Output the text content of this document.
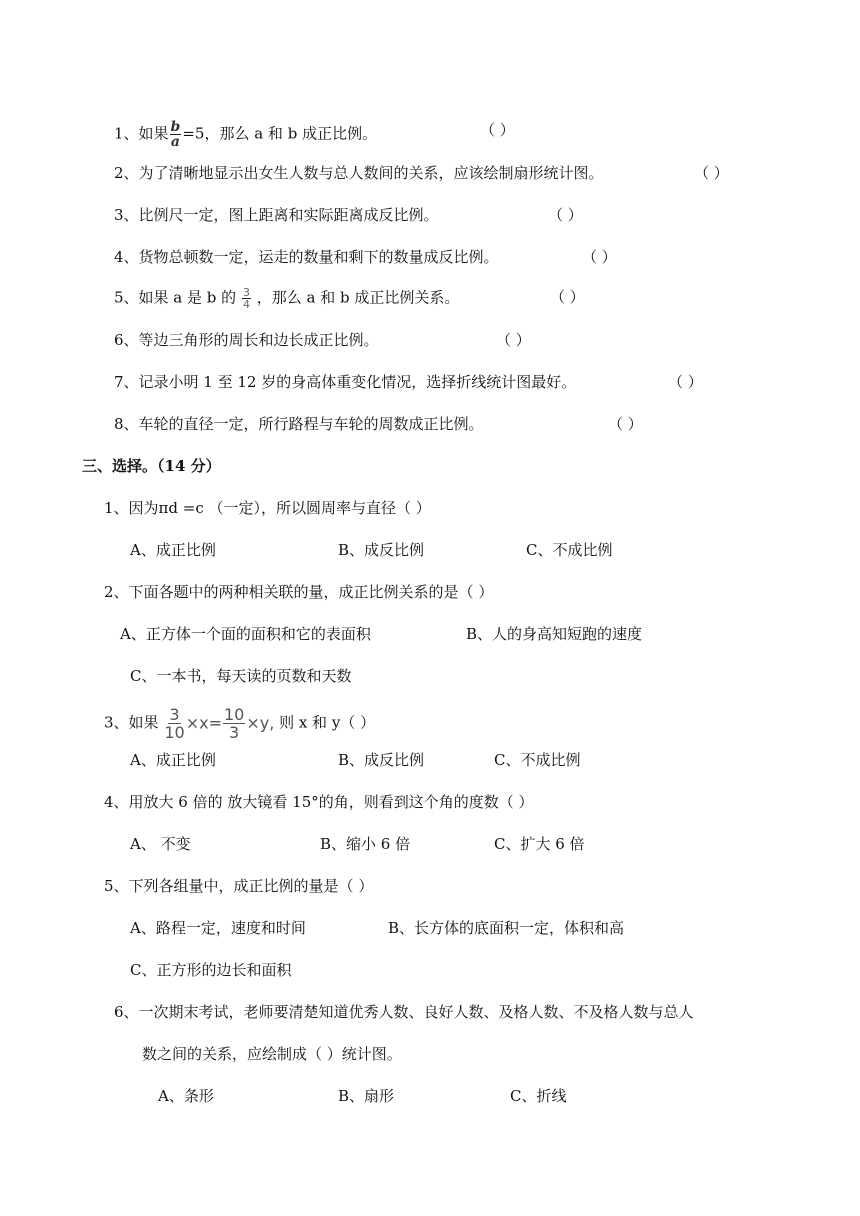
1、如果 $\frac{b}{a} =5$，那么 a 和 b 成正比例。	（ ）
2、为了清晰地显示出女生人数与总人数间的关系，应该绘制扇形统计图。	（ ）
3、比例尺一定，图上距离和实际距离成反比例。	（ ）
4、货物总顿数一定，运走的数量和剩下的数量成反比例。	（ ）
5、如果 a 是 b 的 $\frac{3}{4}$ ，那么 a 和 b 成正比例关系。	（ ）
6、等边三角形的周长和边长成正比例。	（ ）
7、记录小明 1 至 12 岁的身高体重变化情况，选择折线统计图最好。	（ ）
8、车轮的直径一定，所行路程与车轮的周数成正比例。	（ ）
三、选择。（14 分）
1、因为πd =c （一定），所以圆周率与直径（ ）
A、成正比例	B、成反比例	C、不成比例
2、下面各题中的两种相关联的量，成正比例关系的是（ ）
A、正方体一个面的面积和它的表面积	B、人的身高知短跑的速度
C、一本书，每天读的页数和天数
3、如果 $\frac{3}{10} \times x= \frac{10}{3} \times y$, 则 x 和 y（ ）
A、成正比例	B、成反比例	C、不成比例
4、用放大 6 倍的 放大镜看 15°的角，则看到这个角的度数（ ）
A、 不变	B、缩小 6 倍	C、扩大 6 倍
5、下列各组量中，成正比例的量是（ ）
A、路程一定，速度和时间	B、长方体的底面积一定，体积和高
C、正方形的边长和面积
6、一次期末考试，老师要清楚知道优秀人数、良好人数、及格人数、不及格人数与总人
数之间的关系，应绘制成（ ）统计图。
A、条形	B、扇形	C、折线
